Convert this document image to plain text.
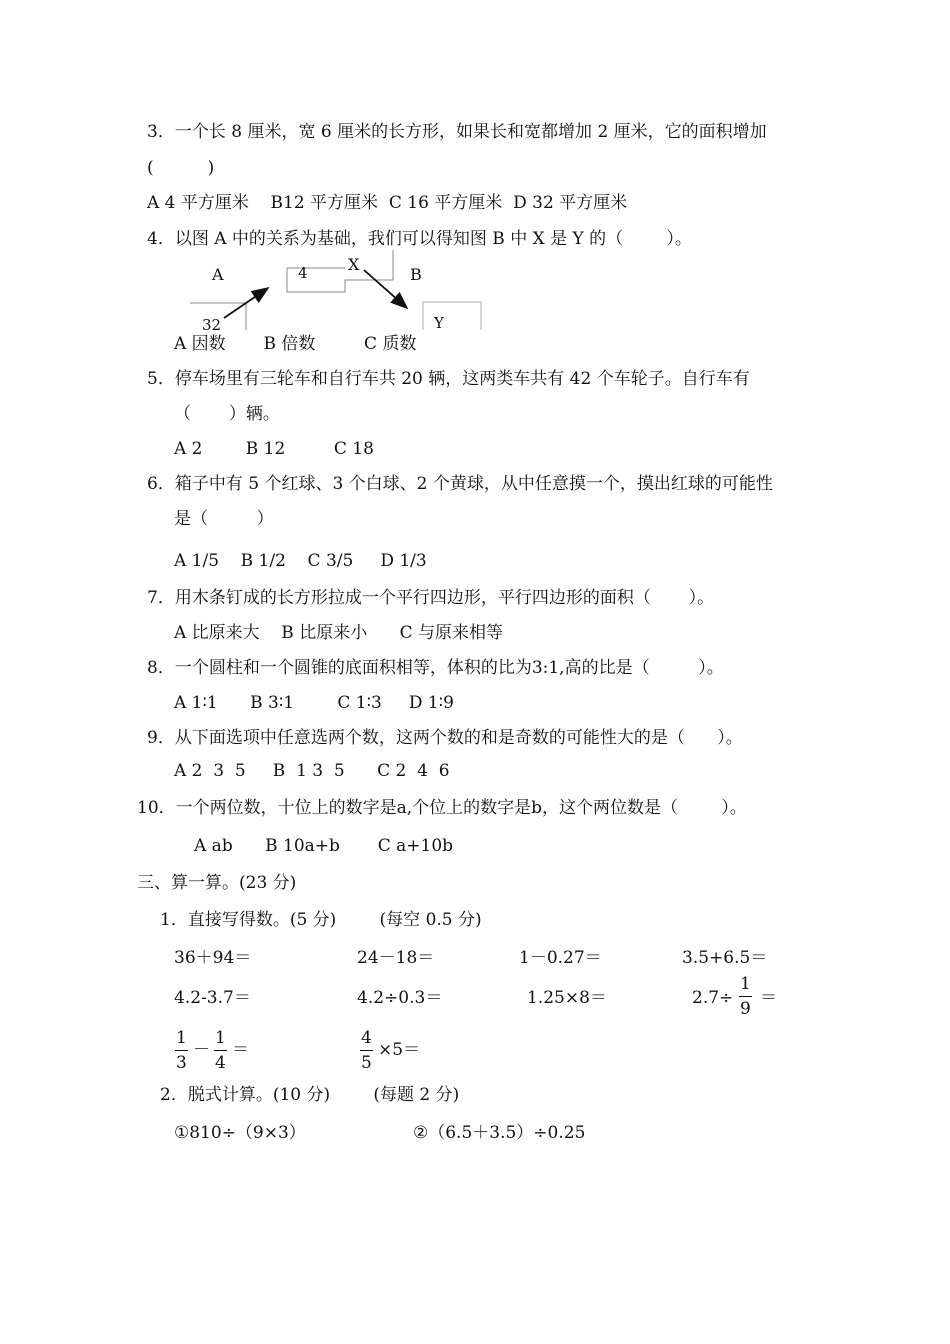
3．一个长 8 厘米，宽 6 厘米的长方形，如果长和宽都增加 2 厘米，它的面积增加
(          )
A 4 平方厘米    B12 平方厘米  C 16 平方厘米  D 32 平方厘米
4．以图 A 中的关系为基础，我们可以得知图 B 中 X 是 Y 的（        ）。
A	B
4	X
32	Y
A 因数       B 倍数         C 质数
5．停车场里有三轮车和自行车共 20 辆，这两类车共有 42 个车轮子。自行车有
（       ）辆。
A 2        B 12         C 18
6．箱子中有 5 个红球、3 个白球、2 个黄球，从中任意摸一个，摸出红球的可能性
是（         ）
A 1/5    B 1/2    C 3/5     D 1/3
7．用木条钉成的长方形拉成一个平行四边形，平行四边形的面积（       ）。
A 比原来大    B 比原来小      C 与原来相等
8．一个圆柱和一个圆锥的底面积相等，体积的比为3:1,高的比是（         ）。
A 1∶1      B 3∶1        C 1∶3     D 1∶9
9．从下面选项中任意选两个数，这两个数的和是奇数的可能性大的是（      ）。
A 2  3  5     B  1 3  5      C 2  4  6
10．一个两位数，十位上的数字是a,个位上的数字是b，这个两位数是（        ）。
A ab      B 10a+b       C a+10b
三、算一算。(23 分)
1．直接写得数。(5 分)        (每空 0.5 分)
36＋94＝	24－18＝	1－0.27＝	3.5+6.5＝
4.2-3.7＝	4.2÷0.3＝	1.25×8＝	$2.7\div \frac{1}{9}$ ＝
$\frac{1}{3} - \frac{1}{4}$ ＝	$\frac{4}{5} \times 5=$
2．脱式计算。(10 分)        (每题 2 分)
①810÷（9×3）	②（6.5＋3.5）÷0.25
